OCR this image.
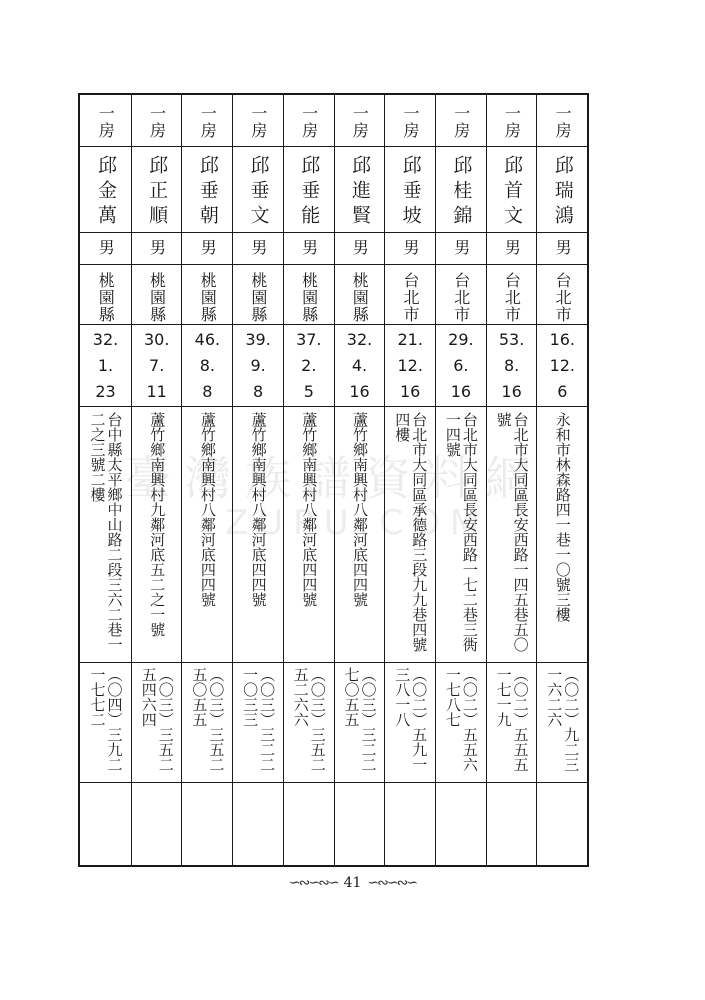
臺灣族譜資料網
ZUPU.COM
一房
邱金萬
男
桃園縣
32.
1.
23
台中縣太平鄉中山路二段三六二巷一二之三號二樓
（〇四）三九二一七七二
一房
邱正順
男
桃園縣
30.
7.
11
蘆竹鄉南興村九鄰河底五二之一號
（〇三）三五二五四六四
一房
邱垂朝
男
桃園縣
46.
8.
8
蘆竹鄉南興村八鄰河底四四號
（〇三）三五二五〇五五
一房
邱垂文
男
桃園縣
39.
9.
8
蘆竹鄉南興村八鄰河底四四號
（〇三）三二二一〇三三
一房
邱垂能
男
桃園縣
37.
2.
5
蘆竹鄉南興村八鄰河底四四號
（〇三）三五二五二六六
一房
邱進賢
男
桃園縣
32.
4.
16
蘆竹鄉南興村八鄰河底四四號
（〇三）三二二七〇五五
一房
邱垂坡
男
台北市
21.
12.
16
台北市大同區承德路三段九九巷四號四樓
（〇二）五九一三八一八
一房
邱桂錦
男
台北市
29.
6.
16
台北市大同區長安西路一七二巷三衖一四號
（〇二）五五六一七八七
一房
邱首文
男
台北市
53.
8.
16
台北市大同區長安西路一四五巷五〇號
（〇二）五五五一七一九
一房
邱瑞鴻
男
台北市
16.
12.
6
永和市林森路四一巷一〇號三樓
（〇二）九二三一六二六
∽∾∽∾∽ 41 ∽∾∽∾∽
